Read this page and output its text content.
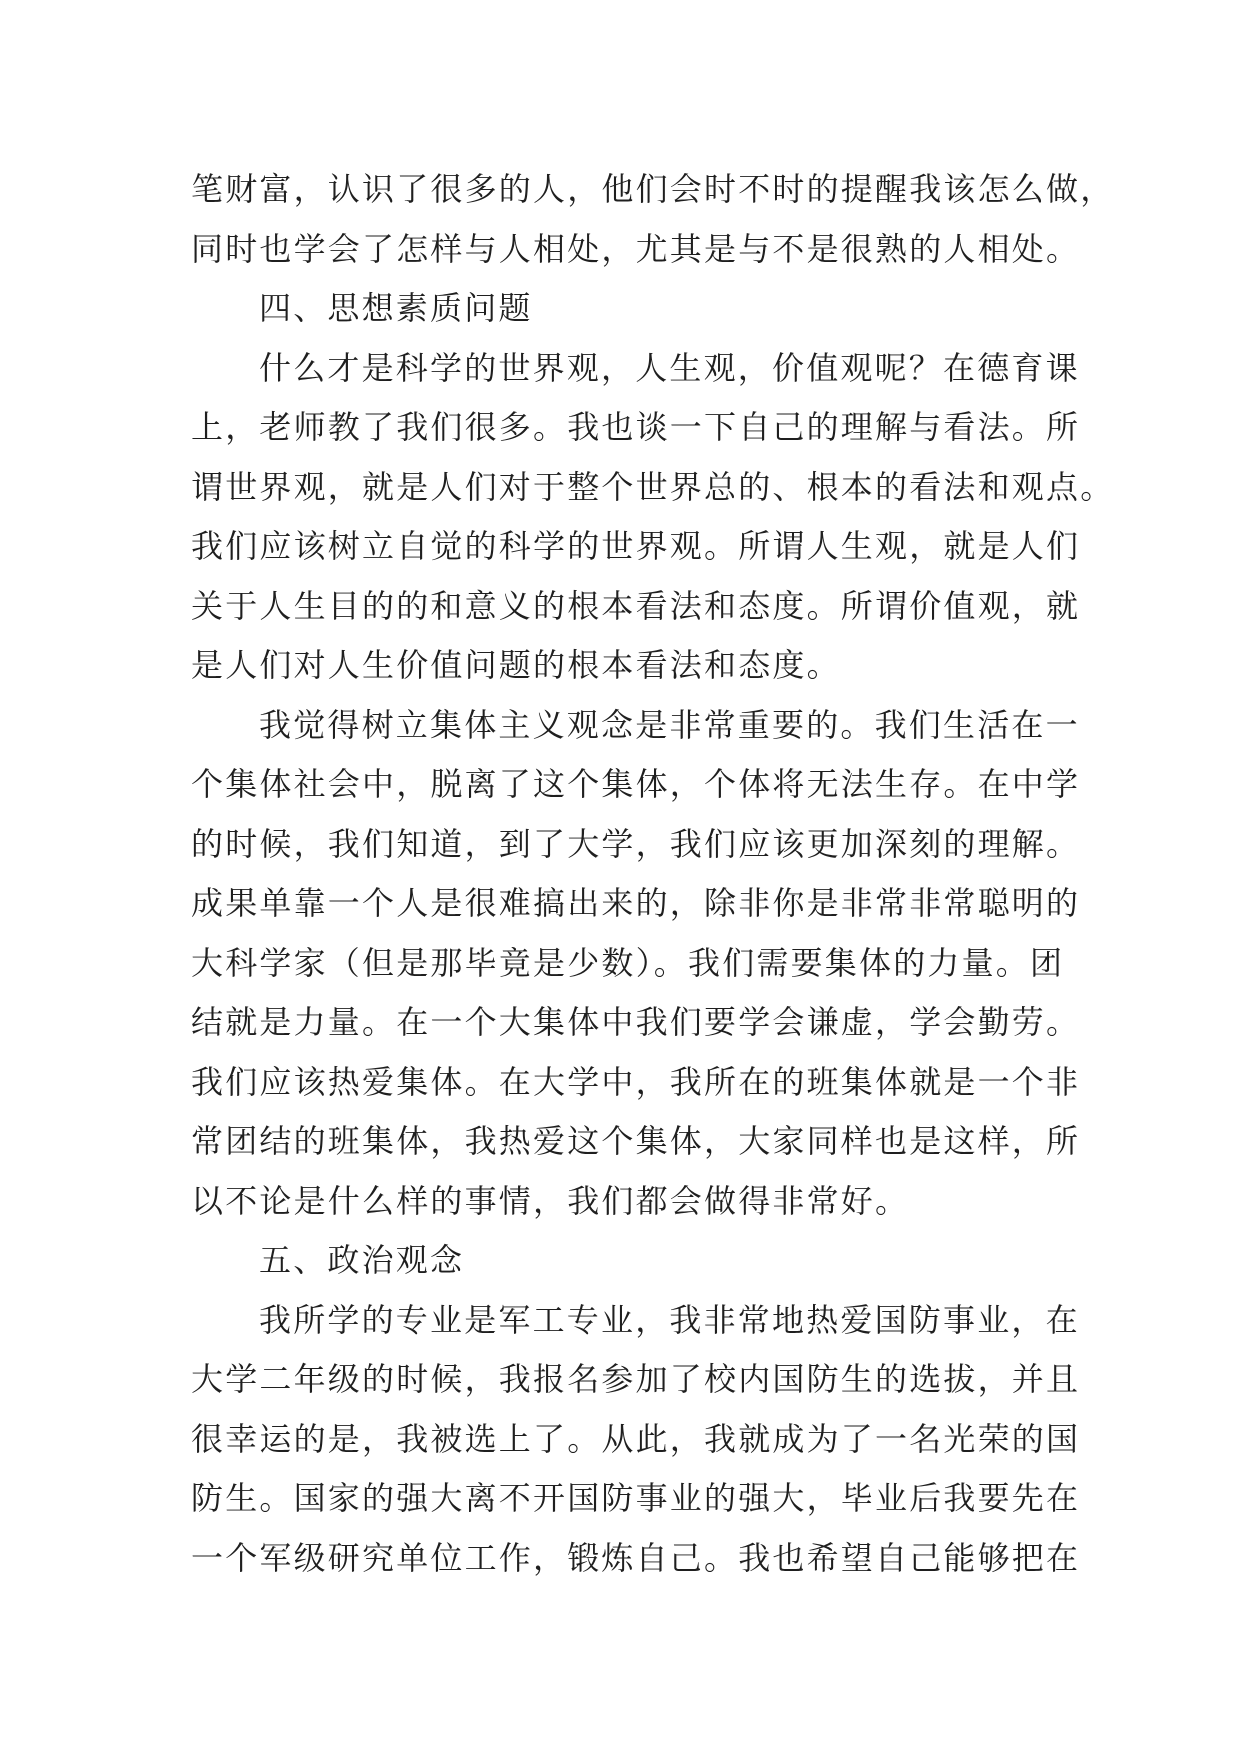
笔财富，认识了很多的人，他们会时不时的提醒我该怎么做，
同时也学会了怎样与人相处，尤其是与不是很熟的人相处。
四、思想素质问题
什么才是科学的世界观，人生观，价值观呢？在德育课
上，老师教了我们很多。我也谈一下自己的理解与看法。所
谓世界观，就是人们对于整个世界总的、根本的看法和观点。
我们应该树立自觉的科学的世界观。所谓人生观，就是人们
关于人生目的的和意义的根本看法和态度。所谓价值观，就
是人们对人生价值问题的根本看法和态度。
我觉得树立集体主义观念是非常重要的。我们生活在一
个集体社会中，脱离了这个集体，个体将无法生存。在中学
的时候，我们知道，到了大学，我们应该更加深刻的理解。
成果单靠一个人是很难搞出来的，除非你是非常非常聪明的
大科学家（但是那毕竟是少数）。我们需要集体的力量。团
结就是力量。在一个大集体中我们要学会谦虚，学会勤劳。
我们应该热爱集体。在大学中，我所在的班集体就是一个非
常团结的班集体，我热爱这个集体，大家同样也是这样，所
以不论是什么样的事情，我们都会做得非常好。
五、政治观念
我所学的专业是军工专业，我非常地热爱国防事业，在
大学二年级的时候，我报名参加了校内国防生的选拔，并且
很幸运的是，我被选上了。从此，我就成为了一名光荣的国
防生。国家的强大离不开国防事业的强大，毕业后我要先在
一个军级研究单位工作，锻炼自己。我也希望自己能够把在
